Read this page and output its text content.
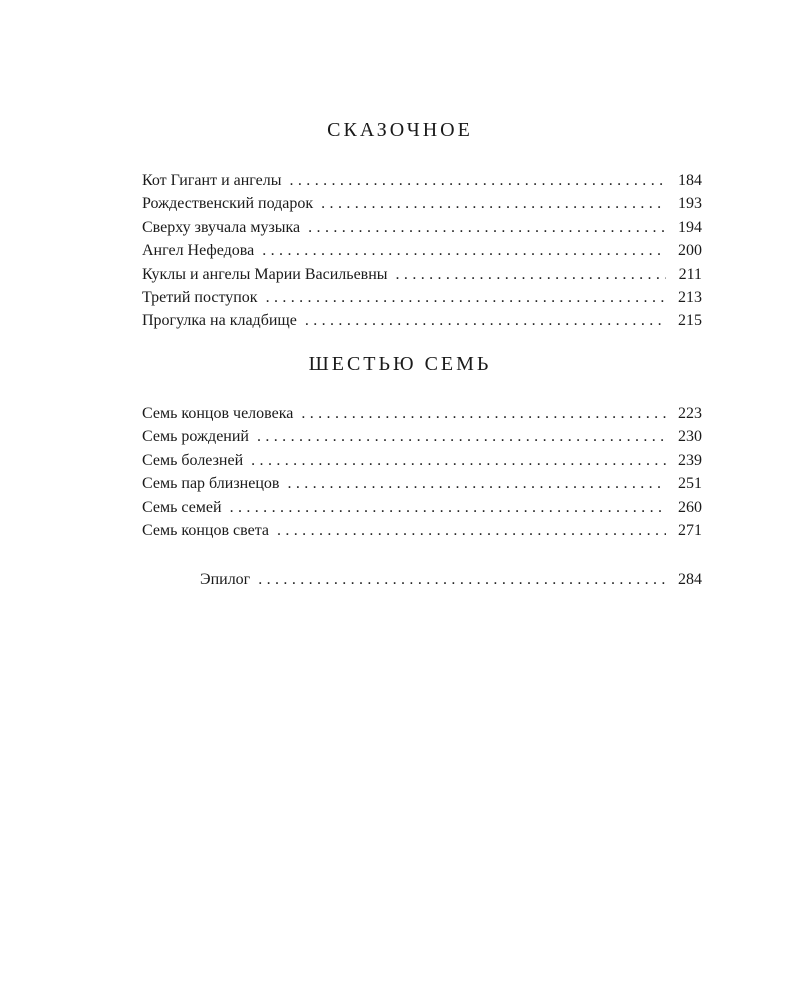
СКАЗОЧНОЕ
Кот Гигант и ангелы . . .	184
Рождественский подарок . . .	193
Сверху звучала музыка . . .	194
Ангел Нефедова . . .	200
Куклы и ангелы Марии Васильевны . . .	211
Третий поступок . . .	213
Прогулка на кладбище . . .	215
ШЕСТЬЮ СЕМЬ
Семь концов человека . . .	223
Семь рождений . . .	230
Семь болезней . . .	239
Семь пар близнецов . . .	251
Семь семей . . .	260
Семь концов света . . .	271
Эпилог . . .	284
